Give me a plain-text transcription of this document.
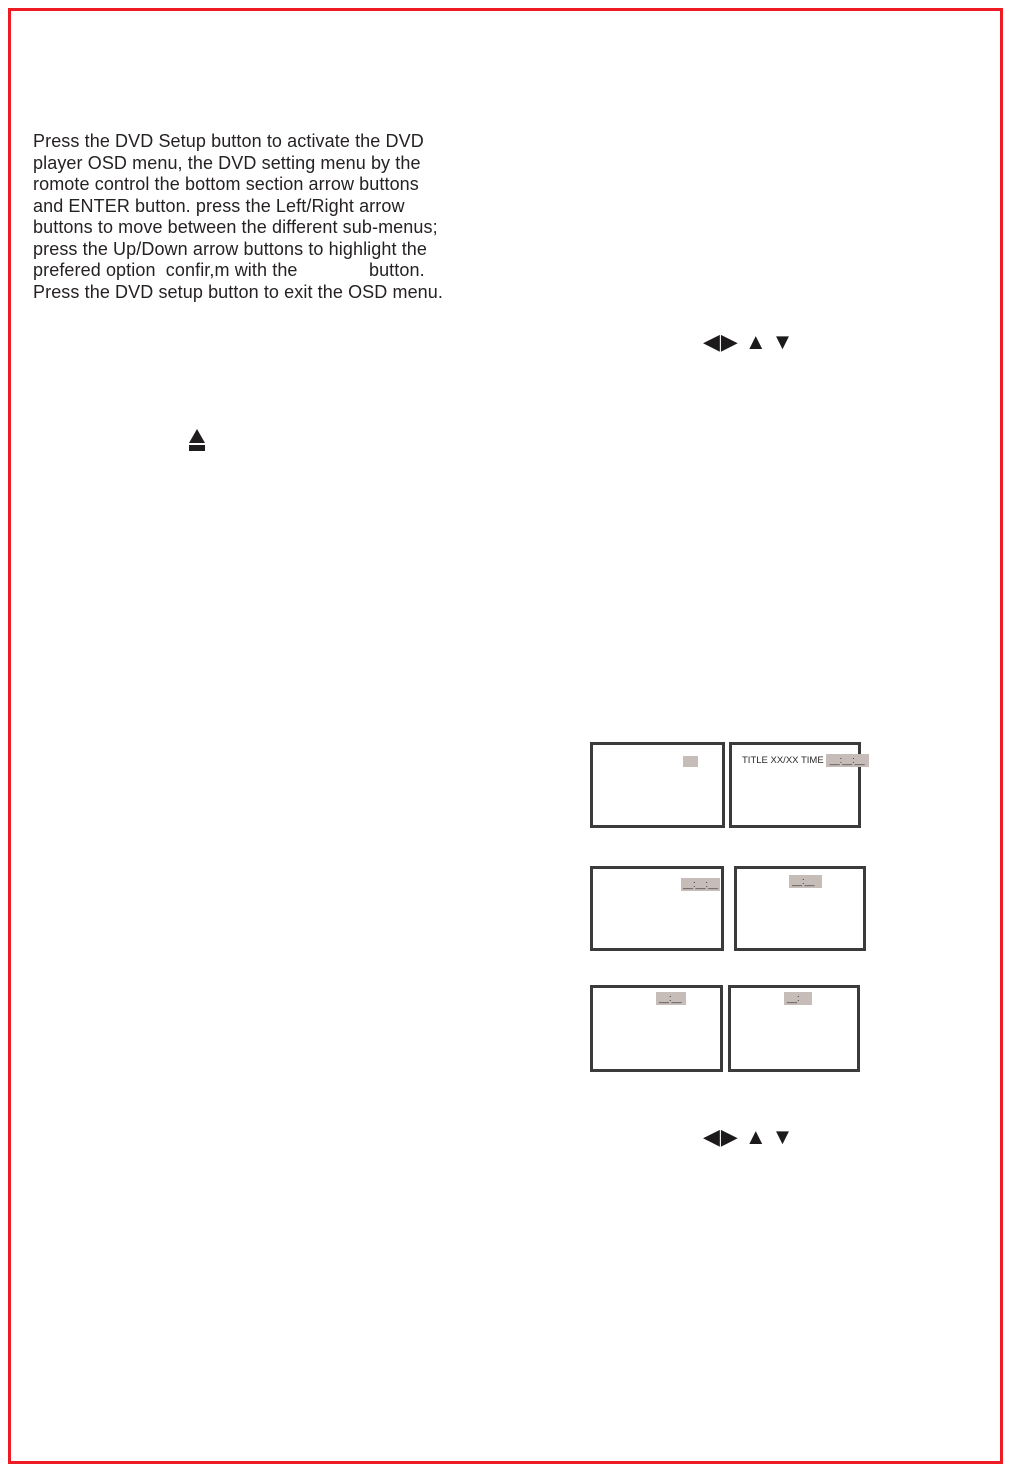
Press the DVD Setup button to activate the DVD
player OSD menu, the DVD setting menu by the
romote control the bottom section arrow buttons
and ENTER button. press the Left/Right arrow
buttons to move between the different sub-menus;
press the Up/Down arrow buttons to highlight the
prefered option  confir,m with the              button.
Press the DVD setup button to exit the OSD menu.
◀▶ ▲ ▼
TITLE XX/XX TIME __:__:__
__:__:__	__:__
__:__	__:
◀▶ ▲ ▼
